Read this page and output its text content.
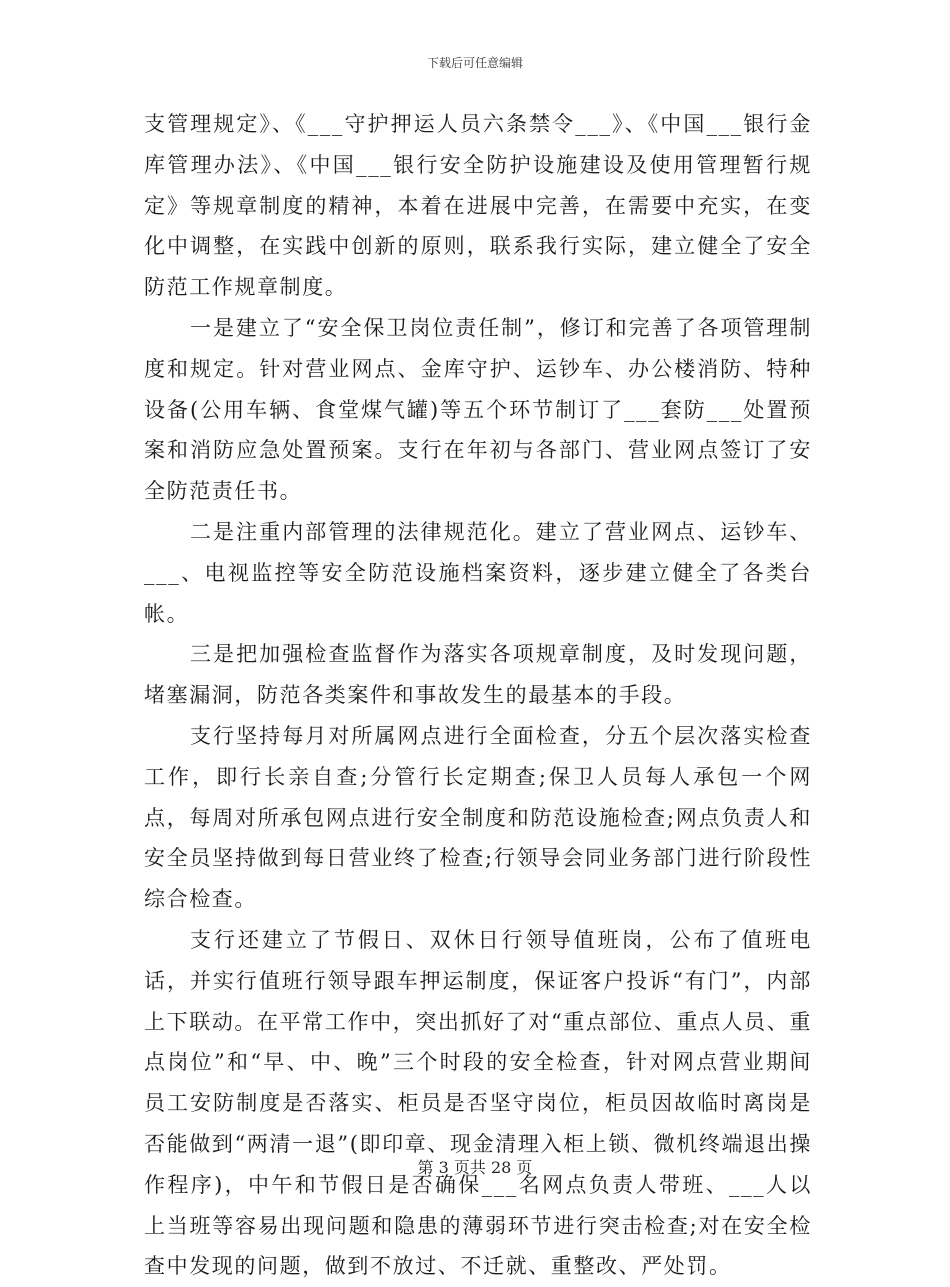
下载后可任意编辑

支管理规定》、《___守护押运人员六条禁令___》、《中国___银行金库管理办法》、《中国___银行安全防护设施建设及使用管理暂行规定》等规章制度的精神，本着在进展中完善，在需要中充实，在变化中调整，在实践中创新的原则，联系我行实际，建立健全了安全防范工作规章制度。

一是建立了“安全保卫岗位责任制”，修订和完善了各项管理制度和规定。针对营业网点、金库守护、运钞车、办公楼消防、特种设备(公用车辆、食堂煤气罐)等五个环节制订了___套防___处置预案和消防应急处置预案。支行在年初与各部门、营业网点签订了安全防范责任书。

二是注重内部管理的法律规范化。建立了营业网点、运钞车、___、电视监控等安全防范设施档案资料，逐步建立健全了各类台帐。

三是把加强检查监督作为落实各项规章制度，及时发现问题，堵塞漏洞，防范各类案件和事故发生的最基本的手段。

支行坚持每月对所属网点进行全面检查，分五个层次落实检查工作，即行长亲自查;分管行长定期查;保卫人员每人承包一个网点，每周对所承包网点进行安全制度和防范设施检查;网点负责人和安全员坚持做到每日营业终了检查;行领导会同业务部门进行阶段性综合检查。

支行还建立了节假日、双休日行领导值班岗，公布了值班电话，并实行值班行领导跟车押运制度，保证客户投诉“有门”，内部上下联动。在平常工作中，突出抓好了对“重点部位、重点人员、重点岗位”和“早、中、晚”三个时段的安全检查，针对网点营业期间员工安防制度是否落实、柜员是否坚守岗位，柜员因故临时离岗是否能做到“两清一退”(即印章、现金清理入柜上锁、微机终端退出操作程序)，中午和节假日是否确保___名网点负责人带班、___人以上当班等容易出现问题和隐患的薄弱环节进行突击检查;对在安全检查中发现的问题，做到不放过、不迁就、重整改、严处罚。

第 3 页共 28 页
